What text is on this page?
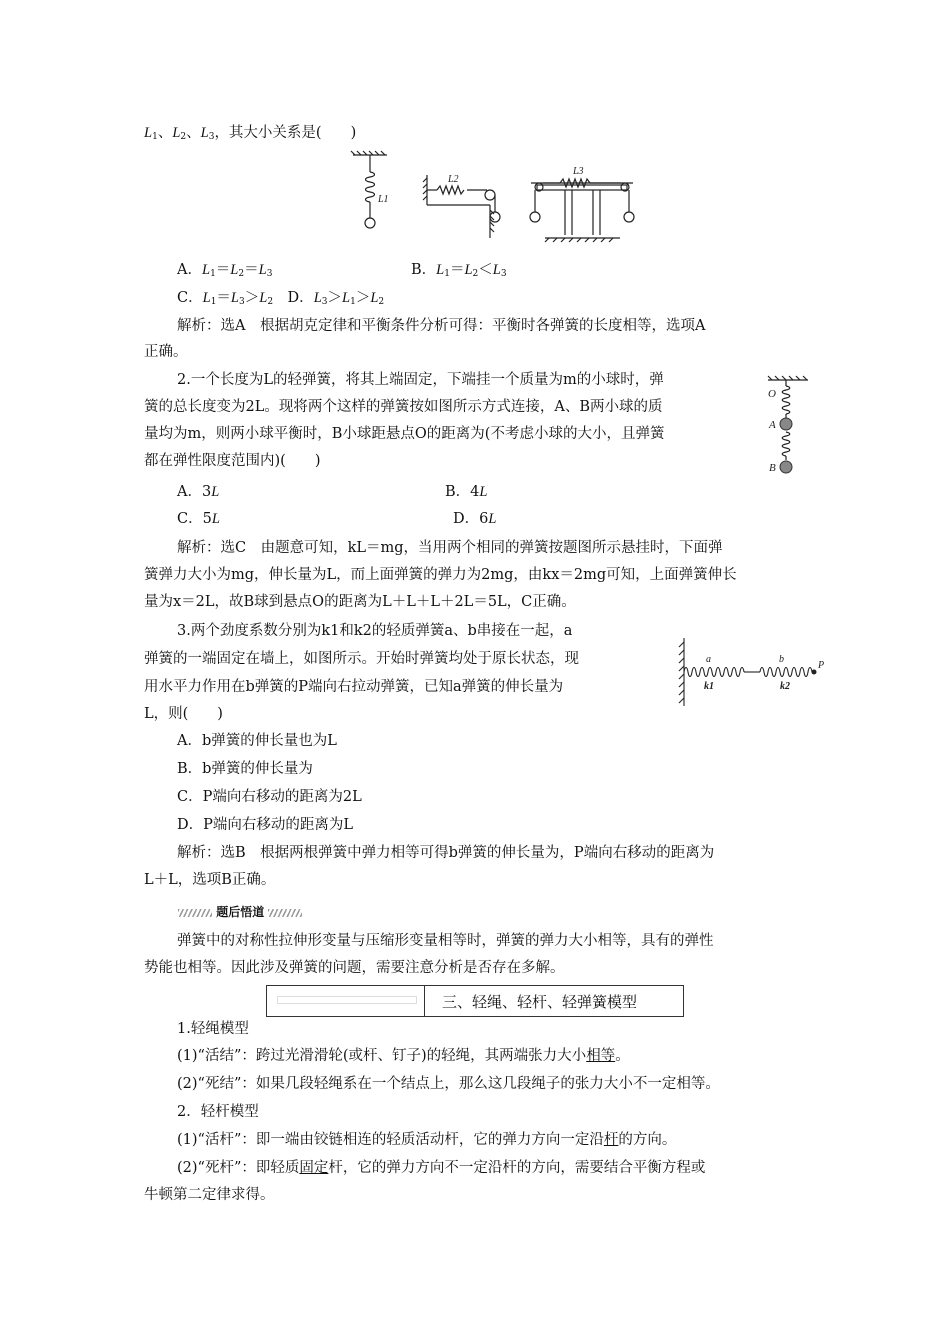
$L_1$、$L_2$、$L_3$，其大小关系是(　　)
L1
L2
L3
A．$L_1=L_2=L_3$	B．$L_1=L_2<L_3$
C．$L_1=L_3>L_2$　D．$L_3>L_1>L_2$
解析：选A　根据胡克定律和平衡条件分析可得：平衡时各弹簧的长度相等，选项A
正确。
2.一个长度为L的轻弹簧，将其上端固定，下端挂一个质量为m的小球时，弹
簧的总长度变为2L。现将两个这样的弹簧按如图所示方式连接，A、B两小球的质
量均为m，则两小球平衡时，B小球距悬点O的距离为(不考虑小球的大小，且弹簧
都在弹性限度范围内)(　　)
O
A
B
A．3L	B．4L
C．5L	D．6L
解析：选C　由题意可知，kL＝mg，当用两个相同的弹簧按题图所示悬挂时，下面弹
簧弹力大小为mg，伸长量为L，而上面弹簧的弹力为2mg，由kx＝2mg可知，上面弹簧伸长
量为x＝2L，故B球到悬点O的距离为L＋L＋L＋2L＝5L，C正确。
3.两个劲度系数分别为k1和k2的轻质弹簧a、b串接在一起，a
弹簧的一端固定在墙上，如图所示。开始时弹簧均处于原长状态，现
用水平力作用在b弹簧的P端向右拉动弹簧，已知a弹簧的伸长量为
L，则(　　)
a	b
P
k1	k2
A．b弹簧的伸长量也为L
B．b弹簧的伸长量为
C．P端向右移动的距离为2L
D．P端向右移动的距离为L
解析：选B　根据两根弹簧中弹力相等可得b弹簧的伸长量为，P端向右移动的距离为
L＋L，选项B正确。
题后悟道
弹簧中的对称性拉伸形变量与压缩形变量相等时，弹簧的弹力大小相等，具有的弹性
势能也相等。因此涉及弹簧的问题，需要注意分析是否存在多解。
三、轻绳、轻杆、轻弹簧模型
1.轻绳模型
(1)“活结”：跨过光滑滑轮(或杆、钉子)的轻绳，其两端张力大小相等。
(2)“死结”：如果几段轻绳系在一个结点上，那么这几段绳子的张力大小不一定相等。
2．轻杆模型
(1)“活杆”：即一端由铰链相连的轻质活动杆，它的弹力方向一定沿杆的方向。
(2)“死杆”：即轻质固定杆，它的弹力方向不一定沿杆的方向，需要结合平衡方程或
牛顿第二定律求得。
